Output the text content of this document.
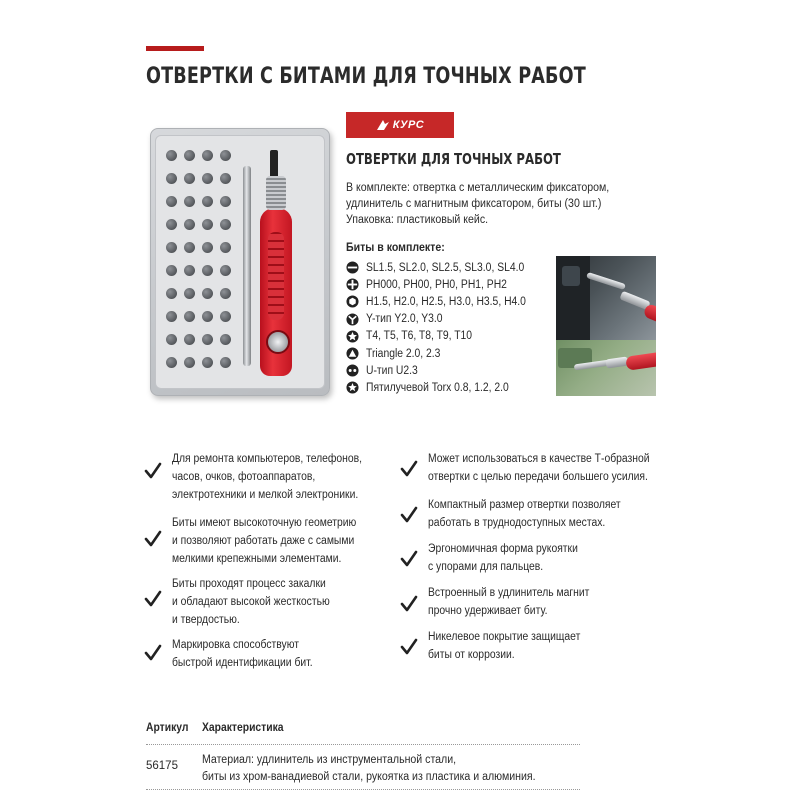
ОТВЕРТКИ С БИТАМИ ДЛЯ ТОЧНЫХ РАБОТ
КУРС
ОТВЕРТКИ ДЛЯ ТОЧНЫХ РАБОТ
В комплекте: отвертка с металлическим фиксатором,
удлинитель с магнитным фиксатором, биты (30 шт.)
Упаковка: пластиковый кейс.
Биты в комплекте:
SL1.5, SL2.0, SL2.5, SL3.0, SL4.0
PH000, PH00, PH0, PH1, PH2
H1.5, H2.0, H2.5, H3.0, H3.5, H4.0
Y-тип Y2.0, Y3.0
T4, T5, T6, T8, T9, T10
Triangle 2.0, 2.3
U-тип U2.3
Пятилучевой Torx 0.8, 1.2, 2.0
Для ремонта компьютеров, телефонов,
часов, очков, фотоаппаратов,
электротехники и мелкой электроники.
Биты имеют высокоточную геометрию
и позволяют работать даже с самыми
мелкими крепежными элементами.
Биты проходят процесс закалки
и обладают высокой жесткостью
и твердостью.
Маркировка способствуют
быстрой идентификации бит.
Может использоваться в качестве Т-образной
отвертки с целью передачи большего усилия.
Компактный размер отвертки позволяет
работать в труднодоступных местах.
Эргономичная форма рукоятки
с упорами для пальцев.
Встроенный в удлинитель магнит
прочно удерживает биту.
Никелевое покрытие защищает
биты от коррозии.
Артикул Характеристика
56175 Материал: удлинитель из инструментальной стали,
биты из хром-ванадиевой стали, рукоятка из пластика и алюминия.
